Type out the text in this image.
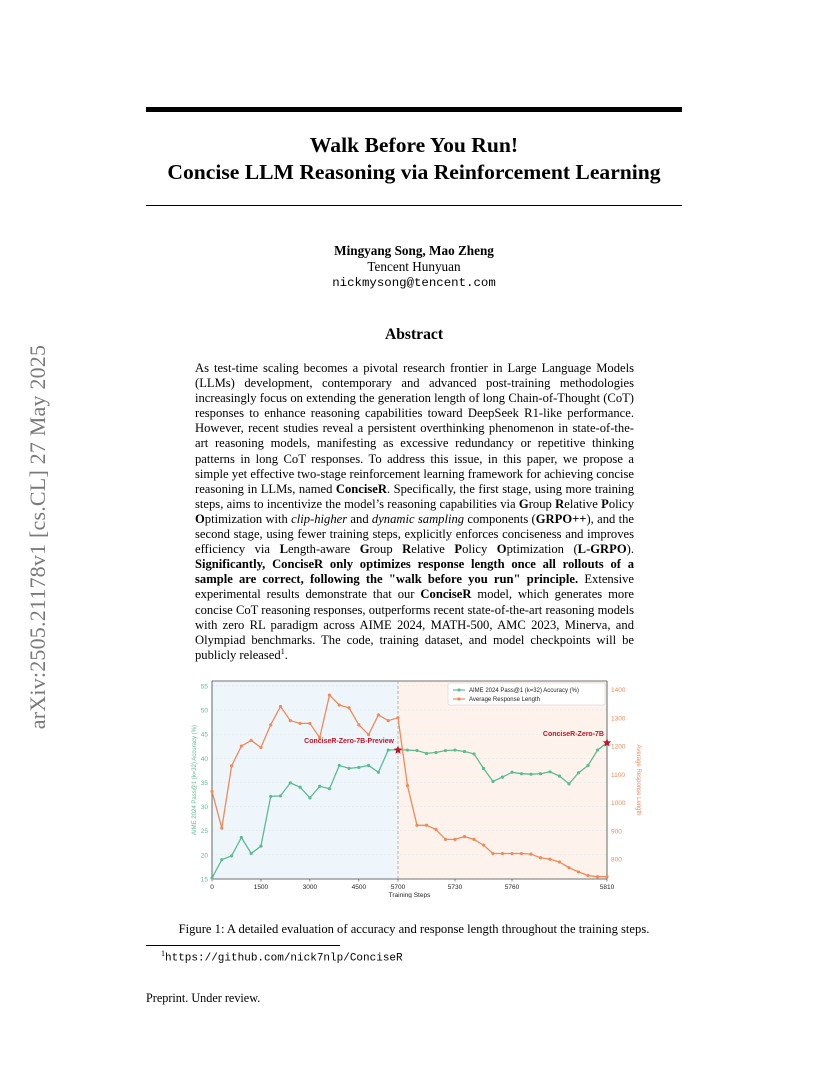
arXiv:2505.21178v1 [cs.CL] 27 May 2025
Walk Before You Run!
Concise LLM Reasoning via Reinforcement Learning
Mingyang Song, Mao Zheng
Tencent Hunyuan
nickmysong@tencent.com
Abstract
As test-time scaling becomes a pivotal research frontier in Large Language Models (LLMs) development, contemporary and advanced post-training methodologies increasingly focus on extending the generation length of long Chain-of-Thought (CoT) responses to enhance reasoning capabilities toward DeepSeek R1-like performance. However, recent studies reveal a persistent overthinking phenomenon in state-of-the-art reasoning models, manifesting as excessive redundancy or repetitive thinking patterns in long CoT responses. To address this issue, in this paper, we propose a simple yet effective two-stage reinforcement learning framework for achieving concise reasoning in LLMs, named ConciseR. Specifically, the first stage, using more training steps, aims to incentivize the model’s reasoning capabilities via Group Relative Policy Optimization with clip-higher and dynamic sampling components (GRPO++), and the second stage, using fewer training steps, explicitly enforces conciseness and improves efficiency via Length-aware Group Relative Policy Optimization (L-GRPO). Significantly, ConciseR only optimizes response length once all rollouts of a sample are correct, following the "walk before you run" principle. Extensive experimental results demonstrate that our ConciseR model, which generates more concise CoT reasoning responses, outperforms recent state-of-the-art reasoning models with zero RL paradigm across AIME 2024, MATH-500, AMC 2023, Minerva, and Olympiad benchmarks. The code, training dataset, and model checkpoints will be publicly released$^1$.
15
20
25
30
35
40
45
50
55
800
900
1000
1100
1200
1300
1400
0	1500	3000	4500	5700	5730	5760	5810
AIME 2024 Pass@1 (k=32) Accuracy (%)	Average Response Length
Training Steps
ConciseR-Zero-7B-Preview
ConciseR-Zero-7B
AIME 2024 Pass@1 (k=32) Accuracy (%)
Average Response Length
Figure 1: A detailed evaluation of accuracy and response length throughout the training steps.
$^1$https://github.com/nick7nlp/ConciseR
Preprint. Under review.
